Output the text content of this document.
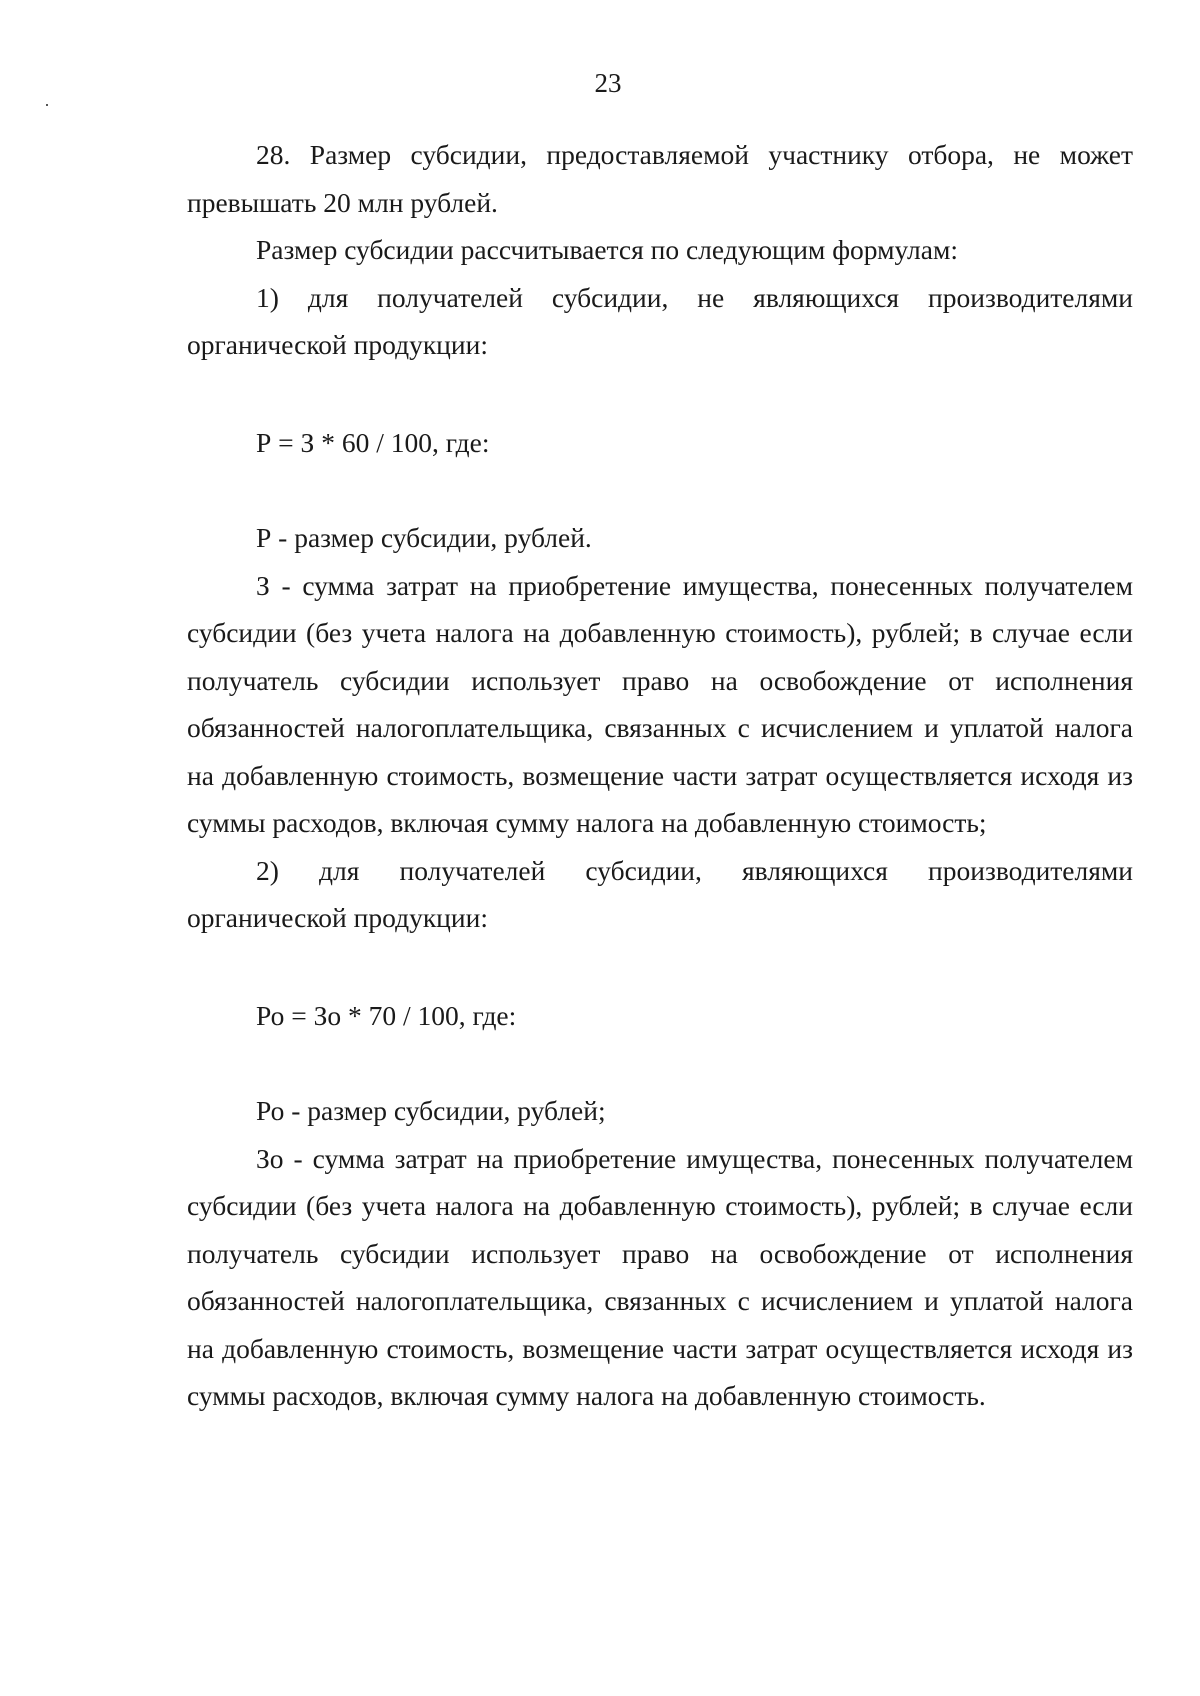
23

28. Размер субсидии, предоставляемой участнику отбора, не может превышать 20 млн рублей.

Размер субсидии рассчитывается по следующим формулам:

1) для получателей субсидии, не являющихся производителями органической продукции:

Р = З * 60 / 100, где:

Р - размер субсидии, рублей.

З - сумма затрат на приобретение имущества, понесенных получателем субсидии (без учета налога на добавленную стоимость), рублей; в случае если получатель субсидии использует право на освобождение от исполнения обязанностей налогоплательщика, связанных с исчислением и уплатой налога на добавленную стоимость, возмещение части затрат осуществляется исходя из суммы расходов, включая сумму налога на добавленную стоимость;

2) для получателей субсидии, являющихся производителями органической продукции:

Ро = Зо * 70 / 100, где:

Ро - размер субсидии, рублей;

Зо - сумма затрат на приобретение имущества, понесенных получателем субсидии (без учета налога на добавленную стоимость), рублей; в случае если получатель субсидии использует право на освобождение от исполнения обязанностей налогоплательщика, связанных с исчислением и уплатой налога на добавленную стоимость, возмещение части затрат осуществляется исходя из суммы расходов, включая сумму налога на добавленную стоимость.
